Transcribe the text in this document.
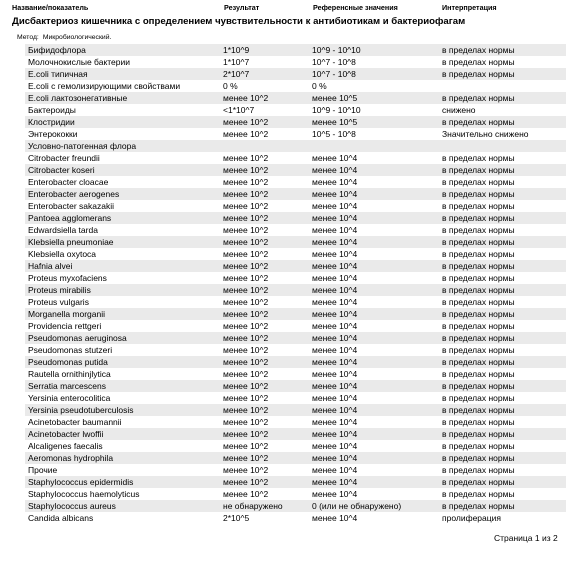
Название/показатель	Результат	Референсные значения	Интерпретация
Дисбактериоз кишечника с определением чувствительности к антибиотикам и бактериофагам
Метод: Микробиологический.
Бифидофлора	1*10^9	10^9 - 10^10	в пределах нормы
Молочнокислые бактерии	1*10^7	10^7 - 10^8	в пределах нормы
E.coli типичная	2*10^7	10^7 - 10^8	в пределах нормы
E.coli с гемолизирующими свойствами	0 %	0 %
E.coli лактозонегативные	менее 10^2	менее 10^5	в пределах нормы
Бактероиды	<1*10^7	10^9 - 10^10	снижено
Клостридии	менее 10^2	менее 10^5	в пределах нормы
Энтерококки	менее 10^2	10^5 - 10^8	Значительно снижено
Условно-патогенная флора
Citrobacter freundii	менее 10^2	менее 10^4	в пределах нормы
Citrobacter koseri	менее 10^2	менее 10^4	в пределах нормы
Enterobacter cloacae	менее 10^2	менее 10^4	в пределах нормы
Enterobacter aerogenes	менее 10^2	менее 10^4	в пределах нормы
Enterobacter sakazakii	менее 10^2	менее 10^4	в пределах нормы
Pantoea agglomerans	менее 10^2	менее 10^4	в пределах нормы
Edwardsiella tarda	менее 10^2	менее 10^4	в пределах нормы
Klebsiella pneumoniae	менее 10^2	менее 10^4	в пределах нормы
Klebsiella oxytoca	менее 10^2	менее 10^4	в пределах нормы
Hafnia alvei	менее 10^2	менее 10^4	в пределах нормы
Proteus myxofaciens	менее 10^2	менее 10^4	в пределах нормы
Proteus mirabilis	менее 10^2	менее 10^4	в пределах нормы
Proteus vulgaris	менее 10^2	менее 10^4	в пределах нормы
Morganella morganii	менее 10^2	менее 10^4	в пределах нормы
Providencia rettgeri	менее 10^2	менее 10^4	в пределах нормы
Pseudomonas aeruginosa	менее 10^2	менее 10^4	в пределах нормы
Pseudomonas stutzeri	менее 10^2	менее 10^4	в пределах нормы
Pseudomonas putida	менее 10^2	менее 10^4	в пределах нормы
Rautella ornithinjlytica	менее 10^2	менее 10^4	в пределах нормы
Serratia marcescens	менее 10^2	менее 10^4	в пределах нормы
Yersinia enterocolitica	менее 10^2	менее 10^4	в пределах нормы
Yersinia pseudotuberculosis	менее 10^2	менее 10^4	в пределах нормы
Acinetobacter baumannii	менее 10^2	менее 10^4	в пределах нормы
Acinetobacter lwoffii	менее 10^2	менее 10^4	в пределах нормы
Alcaligenes faecalis	менее 10^2	менее 10^4	в пределах нормы
Aeromonas hydrophila	менее 10^2	менее 10^4	в пределах нормы
Прочие	менее 10^2	менее 10^4	в пределах нормы
Staphylococcus epidermidis	менее 10^2	менее 10^4	в пределах нормы
Staphylococcus haemolyticus	менее 10^2	менее 10^4	в пределах нормы
Staphylococcus aureus	не обнаружено	0 (или не обнаружено)	в пределах нормы
Candida albicans	2*10^5	менее 10^4	пролиферация
Страница 1 из 2
